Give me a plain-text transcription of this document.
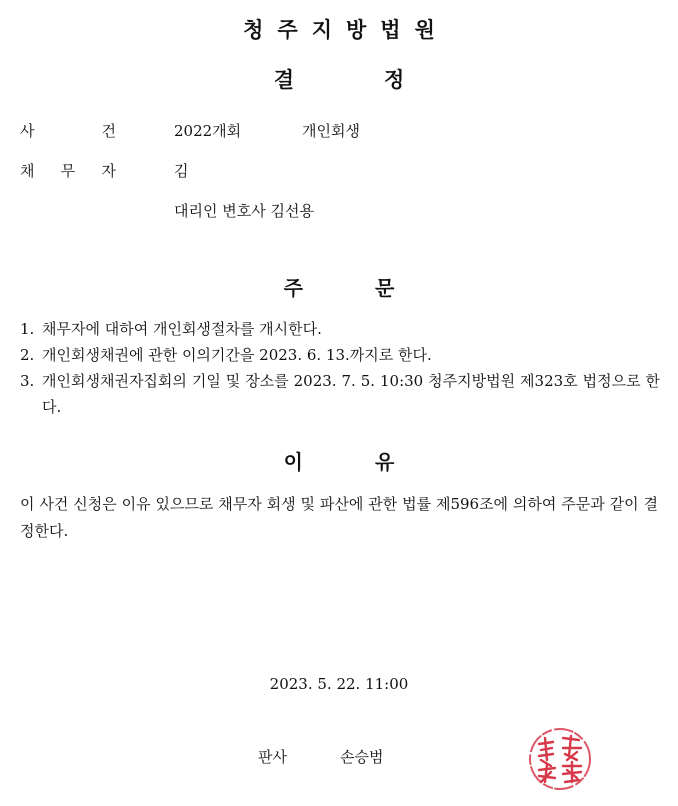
청주지방법원
결	정
사	건	2022개회	개인회생
채 무 자	김
대리인 변호사 김선용
주	문
1. 채무자에 대하여 개인회생절차를 개시한다.
2. 개인회생채권에 관한 이의기간을 2023. 6. 13.까지로 한다.
3. 개인회생채권자집회의 기일 및 장소를 2023. 7. 5. 10:30 청주지방법원 제323호 법정으로 한다.
이	유

이 사건 신청은 이유 있으므로 채무자 회생 및 파산에 관한 법률 제596조에 의하여 주문과 같이 결정한다.

2023. 5. 22. 11:00
판사	손승범
